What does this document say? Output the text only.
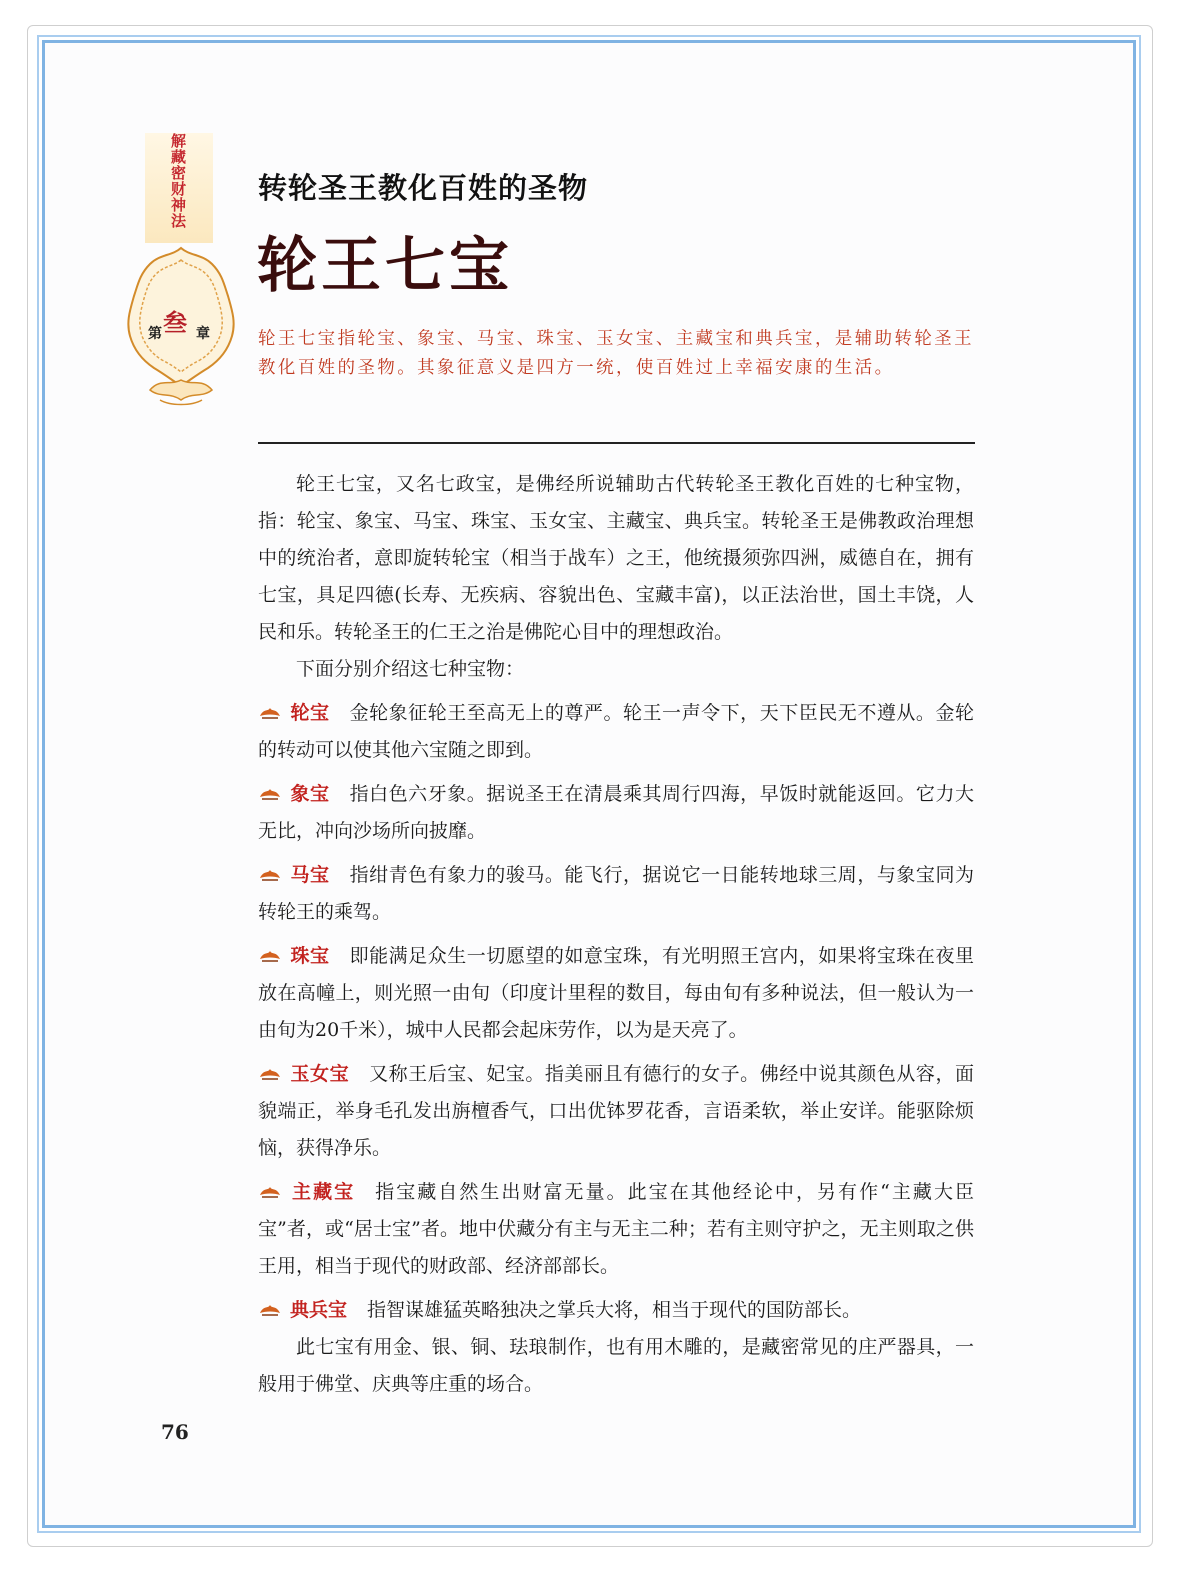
解藏密财神法
叁
第 章
转轮圣王教化百姓的圣物
轮王七宝
轮王七宝指轮宝、象宝、马宝、珠宝、玉女宝、主藏宝和典兵宝，是辅助转轮圣王教化百姓的圣物。其象征意义是四方一统，使百姓过上幸福安康的生活。

轮王七宝，又名七政宝，是佛经所说辅助古代转轮圣王教化百姓的七种宝物，指：轮宝、象宝、马宝、珠宝、玉女宝、主藏宝、典兵宝。转轮圣王是佛教政治理想中的统治者，意即旋转轮宝（相当于战车）之王，他统摄须弥四洲，威德自在，拥有七宝，具足四德(长寿、无疾病、容貌出色、宝藏丰富)，以正法治世，国土丰饶，人民和乐。转轮圣王的仁王之治是佛陀心目中的理想政治。

下面分别介绍这七种宝物：

轮宝 金轮象征轮王至高无上的尊严。轮王一声令下，天下臣民无不遵从。金轮的转动可以使其他六宝随之即到。

象宝 指白色六牙象。据说圣王在清晨乘其周行四海，早饭时就能返回。它力大无比，冲向沙场所向披靡。

马宝 指绀青色有象力的骏马。能飞行，据说它一日能转地球三周，与象宝同为转轮王的乘驾。

珠宝 即能满足众生一切愿望的如意宝珠，有光明照王宫内，如果将宝珠在夜里放在高幢上，则光照一由旬（印度计里程的数目，每由旬有多种说法，但一般认为一由旬为20千米），城中人民都会起床劳作，以为是天亮了。

玉女宝 又称王后宝、妃宝。指美丽且有德行的女子。佛经中说其颜色从容，面貌端正，举身毛孔发出旃檀香气，口出优钵罗花香，言语柔软，举止安详。能驱除烦恼，获得净乐。

主藏宝 指宝藏自然生出财富无量。此宝在其他经论中，另有作“主藏大臣宝”者，或“居士宝”者。地中伏藏分有主与无主二种；若有主则守护之，无主则取之供王用，相当于现代的财政部、经济部部长。

典兵宝 指智谋雄猛英略独决之掌兵大将，相当于现代的国防部长。

此七宝有用金、银、铜、珐琅制作，也有用木雕的，是藏密常见的庄严器具，一般用于佛堂、庆典等庄重的场合。

76
